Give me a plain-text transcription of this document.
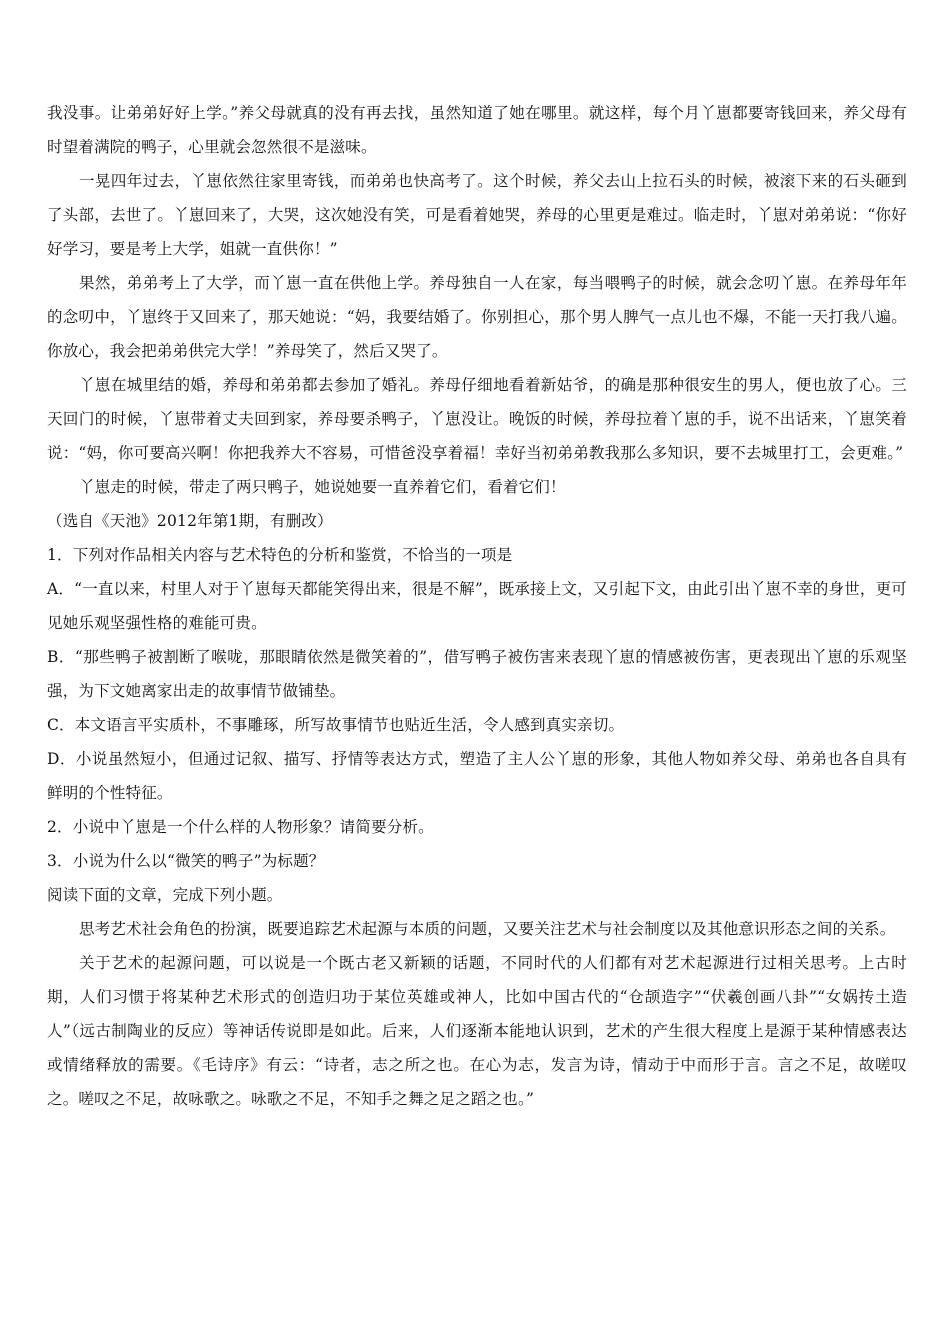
我没事。让弟弟好好上学。”养父母就真的没有再去找，虽然知道了她在哪里。就这样，每个月丫崽都要寄钱回来，养父母有时望着满院的鸭子，心里就会忽然很不是滋味。

一晃四年过去，丫崽依然往家里寄钱，而弟弟也快高考了。这个时候，养父去山上拉石头的时候，被滚下来的石头砸到了头部，去世了。丫崽回来了，大哭，这次她没有笑，可是看着她哭，养母的心里更是难过。临走时，丫崽对弟弟说：“你好好学习，要是考上大学，姐就一直供你！”

果然，弟弟考上了大学，而丫崽一直在供他上学。养母独自一人在家，每当喂鸭子的时候，就会念叨丫崽。在养母年年的念叨中，丫崽终于又回来了，那天她说：“妈，我要结婚了。你别担心，那个男人脾气一点儿也不爆，不能一天打我八遍。你放心，我会把弟弟供完大学！”养母笑了，然后又哭了。

丫崽在城里结的婚，养母和弟弟都去参加了婚礼。养母仔细地看着新姑爷，的确是那种很安生的男人，便也放了心。三天回门的时候，丫崽带着丈夫回到家，养母要杀鸭子，丫崽没让。晚饭的时候，养母拉着丫崽的手，说不出话来，丫崽笑着说：“妈，你可要高兴啊！你把我养大不容易，可惜爸没享着福！幸好当初弟弟教我那么多知识，要不去城里打工，会更难。”

丫崽走的时候，带走了两只鸭子，她说她要一直养着它们，看着它们！

（选自《天池》2012年第1期，有删改）

1．下列对作品相关内容与艺术特色的分析和鉴赏，不恰当的一项是

A．“一直以来，村里人对于丫崽每天都能笑得出来，很是不解”，既承接上文，又引起下文，由此引出丫崽不幸的身世，更可见她乐观坚强性格的难能可贵。

B．“那些鸭子被割断了喉咙，那眼睛依然是微笑着的”，借写鸭子被伤害来表现丫崽的情感被伤害，更表现出丫崽的乐观坚强，为下文她离家出走的故事情节做铺垫。

C．本文语言平实质朴，不事雕琢，所写故事情节也贴近生活，令人感到真实亲切。

D．小说虽然短小，但通过记叙、描写、抒情等表达方式，塑造了主人公丫崽的形象，其他人物如养父母、弟弟也各自具有鲜明的个性特征。

2．小说中丫崽是一个什么样的人物形象？请简要分析。

3．小说为什么以“微笑的鸭子”为标题？

阅读下面的文章，完成下列小题。

思考艺术社会角色的扮演，既要追踪艺术起源与本质的问题，又要关注艺术与社会制度以及其他意识形态之间的关系。

关于艺术的起源问题，可以说是一个既古老又新颖的话题，不同时代的人们都有对艺术起源进行过相关思考。上古时期，人们习惯于将某种艺术形式的创造归功于某位英雄或神人，比如中国古代的“仓颉造字”“伏羲创画八卦”“女娲抟土造人”（远古制陶业的反应）等神话传说即是如此。后来，人们逐渐本能地认识到，艺术的产生很大程度上是源于某种情感表达或情绪释放的需要。《毛诗序》有云：“诗者，志之所之也。在心为志，发言为诗，情动于中而形于言。言之不足，故嗟叹之。嗟叹之不足，故咏歌之。咏歌之不足，不知手之舞之足之蹈之也。”
